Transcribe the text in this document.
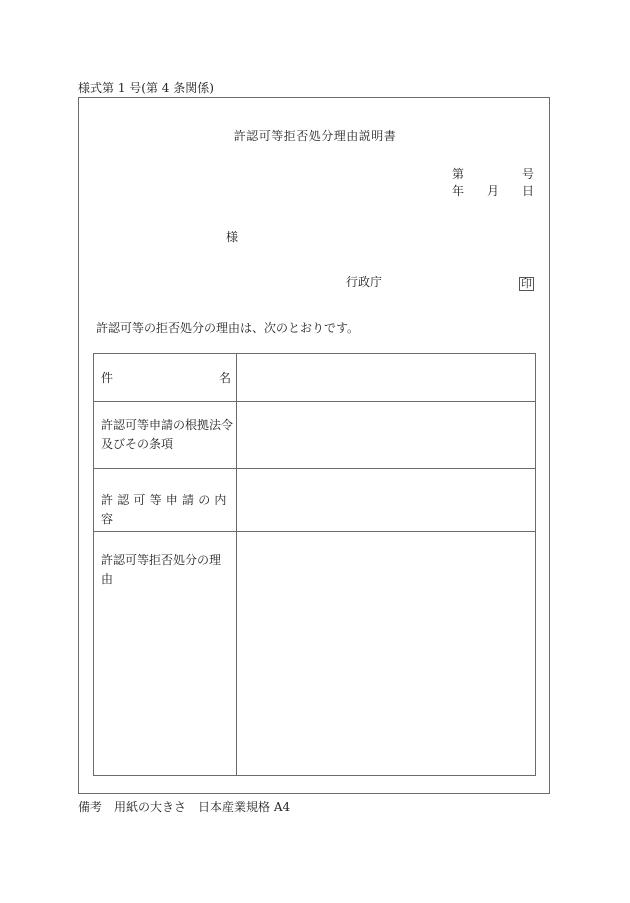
様式第 1 号(第 4 条関係)
許認可等拒否処分理由説明書
第	号
年 月 日
様
行政庁	印
許認可等の拒否処分の理由は、次のとおりです。
件	名
許認可等申請の根拠法令及びその条項
許認可等申請の内容
許認可等拒否処分の理由
備考　用紙の大きさ　日本産業規格 A4
